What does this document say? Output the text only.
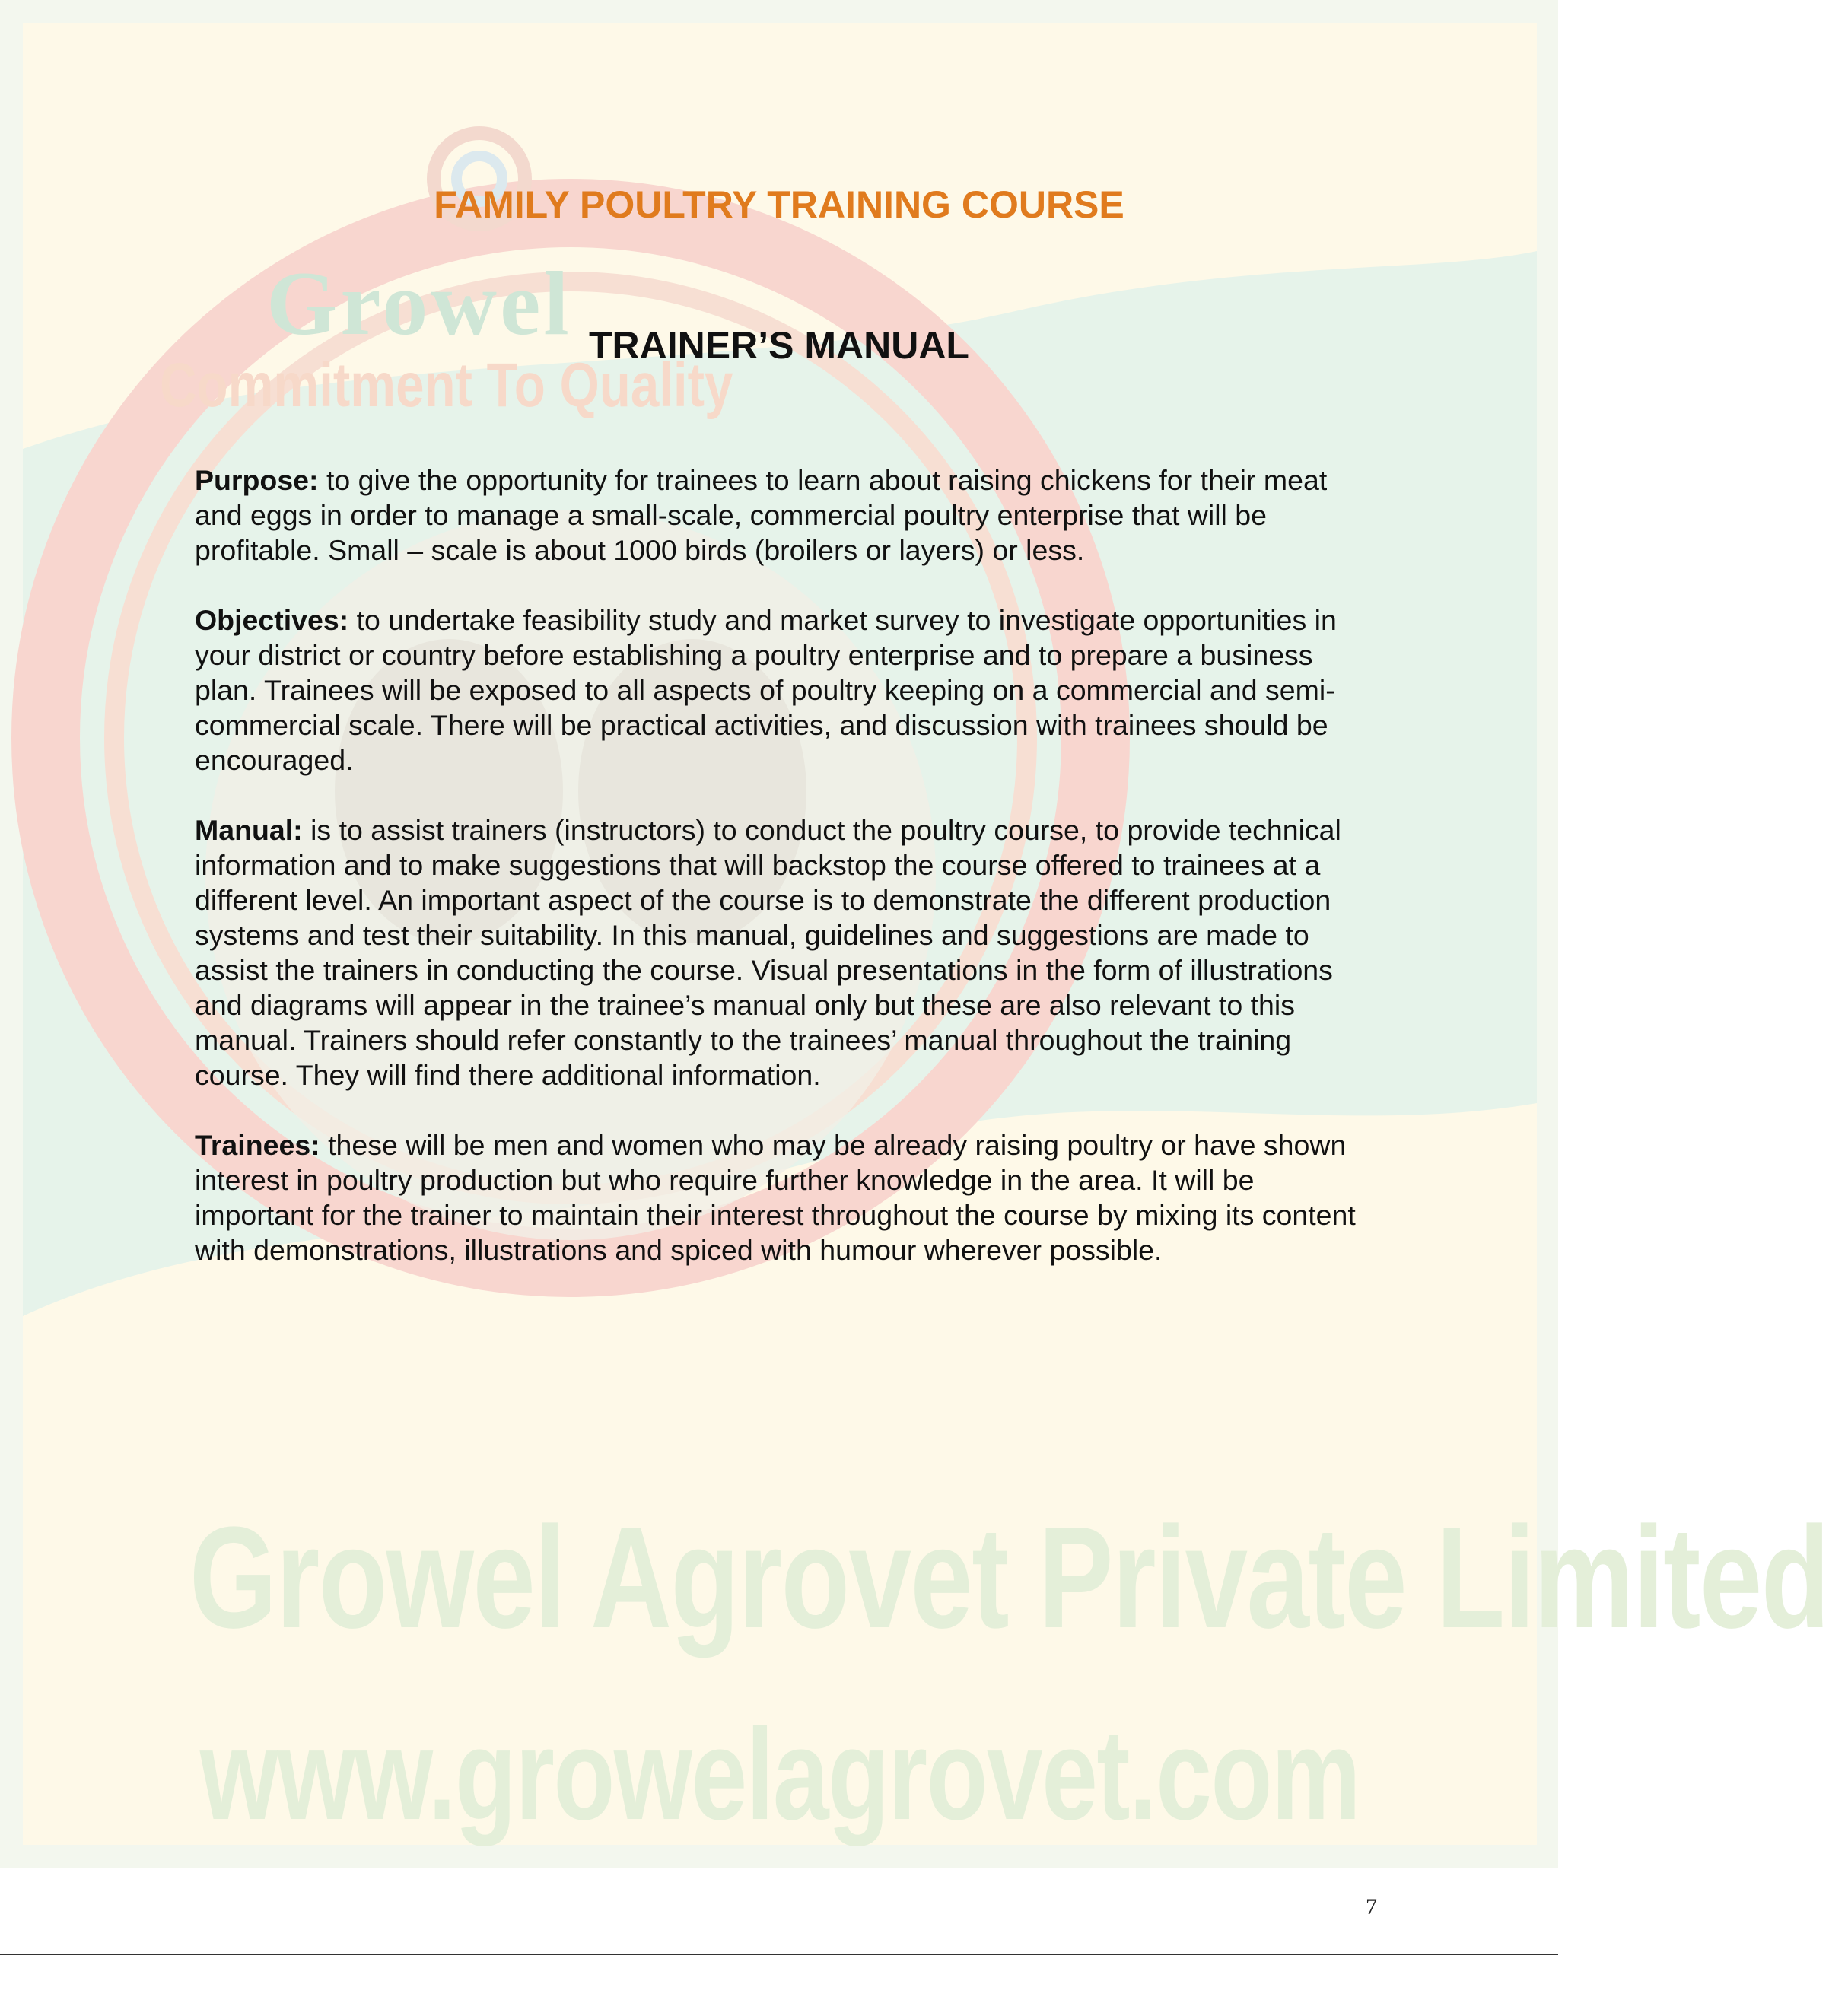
Growel
Commitment To Quality
Growel Agrovet Private Limited
www.growelagrovet.com
FAMILY POULTRY TRAINING COURSE
TRAINER’S MANUAL

Purpose: to give the opportunity for trainees to learn about raising chickens for their meat and eggs in order to manage a small-scale, commercial poultry enterprise that will be profitable. Small – scale is about 1000 birds (broilers or layers) or less.

Objectives: to undertake feasibility study and market survey to investigate opportunities in your district or country before establishing a poultry enterprise and to prepare a business plan. Trainees will be exposed to all aspects of poultry keeping on a commercial and semi-commercial scale. There will be practical activities, and discussion with trainees should be encouraged.

Manual: is to assist trainers (instructors) to conduct the poultry course, to provide technical information and to make suggestions that will backstop the course offered to trainees at a different level. An important aspect of the course is to demonstrate the different production systems and test their suitability. In this manual, guidelines and suggestions are made to assist the trainers in conducting the course. Visual presentations in the form of illustrations and diagrams will appear in the trainee’s manual only but these are also relevant to this manual. Trainers should refer constantly to the trainees’ manual throughout the training course. They will find there additional information.

Trainees: these will be men and women who may be already raising poultry or have shown interest in poultry production but who require further knowledge in the area. It will be important for the trainer to maintain their interest throughout the course by mixing its content with demonstrations, illustrations and spiced with humour wherever possible.

7
